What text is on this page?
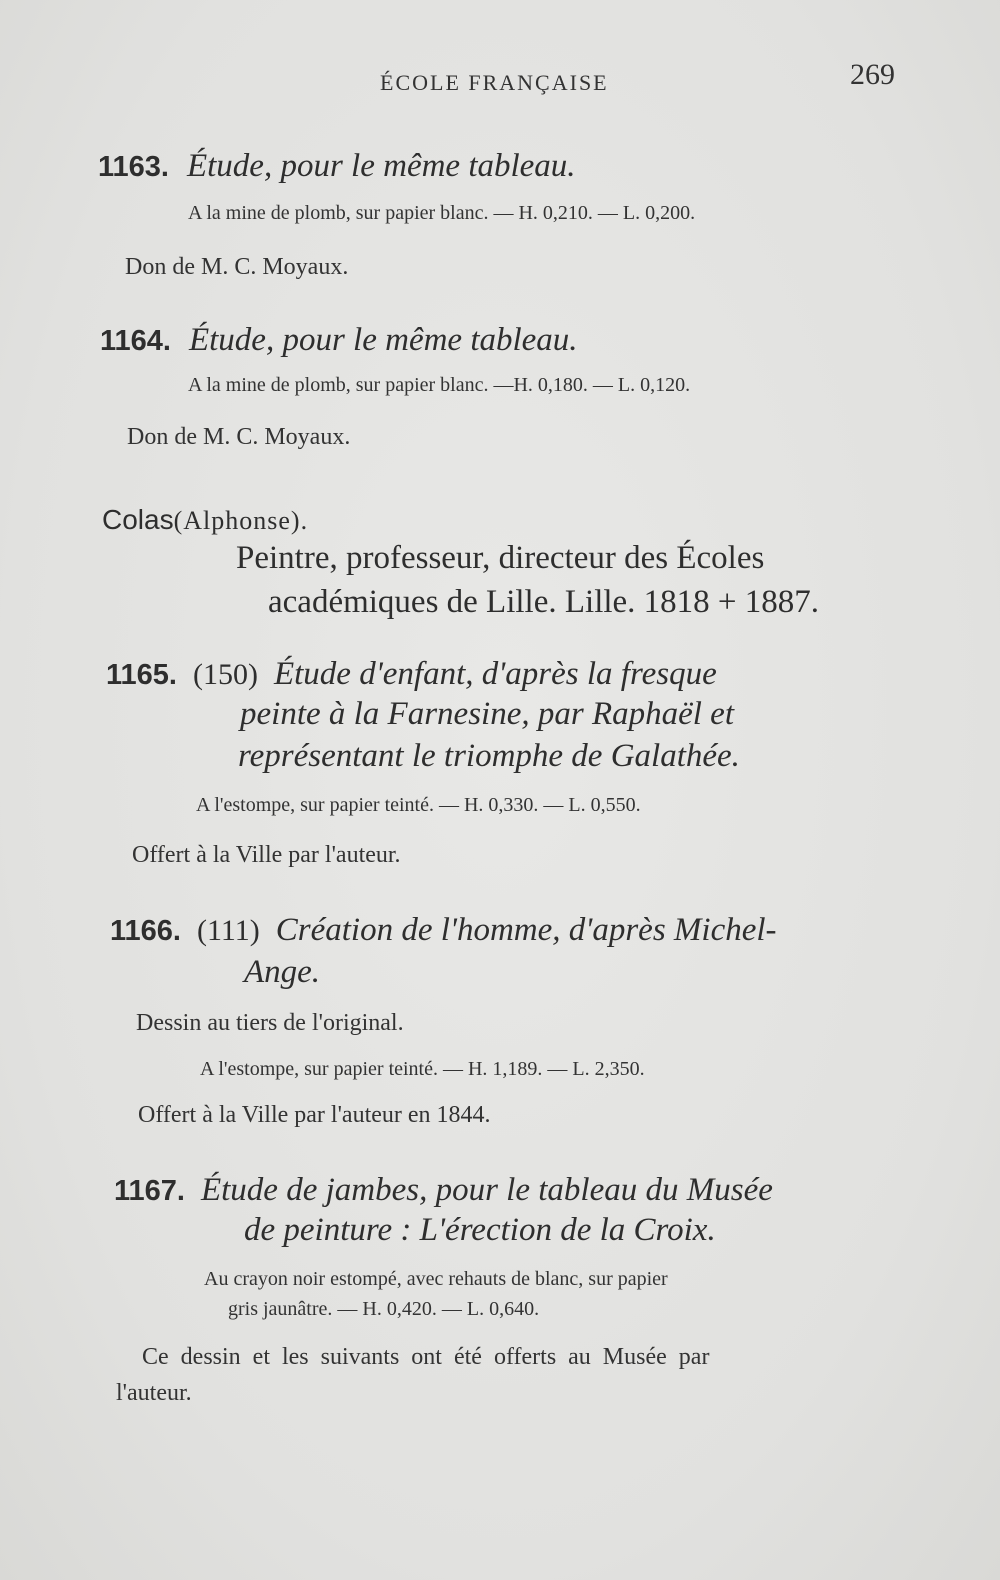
ÉCOLE FRANÇAISE	269
1163. Étude, pour le même tableau.
A la mine de plomb, sur papier blanc. — H. 0,210. — L. 0,200.
Don de M. C. Moyaux.
1164. Étude, pour le même tableau.
A la mine de plomb, sur papier blanc. —H. 0,180. — L. 0,120.
Don de M. C. Moyaux.
Colas(Alphonse).
Peintre, professeur, directeur des Écoles
académiques de Lille. Lille. 1818 + 1887.
1165. (150) Étude d'enfant, d'après la fresque
peinte à la Farnesine, par Raphaël et
représentant le triomphe de Galathée.
A l'estompe, sur papier teinté. — H. 0,330. — L. 0,550.
Offert à la Ville par l'auteur.
1166. (111) Création de l'homme, d'après Michel-
Ange.
Dessin au tiers de l'original.
A l'estompe, sur papier teinté. — H. 1,189. — L. 2,350.
Offert à la Ville par l'auteur en 1844.
1167. Étude de jambes, pour le tableau du Musée
de peinture : L'érection de la Croix.
Au crayon noir estompé, avec rehauts de blanc, sur papier
gris jaunâtre. — H. 0,420. — L. 0,640.
Ce dessin et les suivants ont été offerts au Musée par
l'auteur.
